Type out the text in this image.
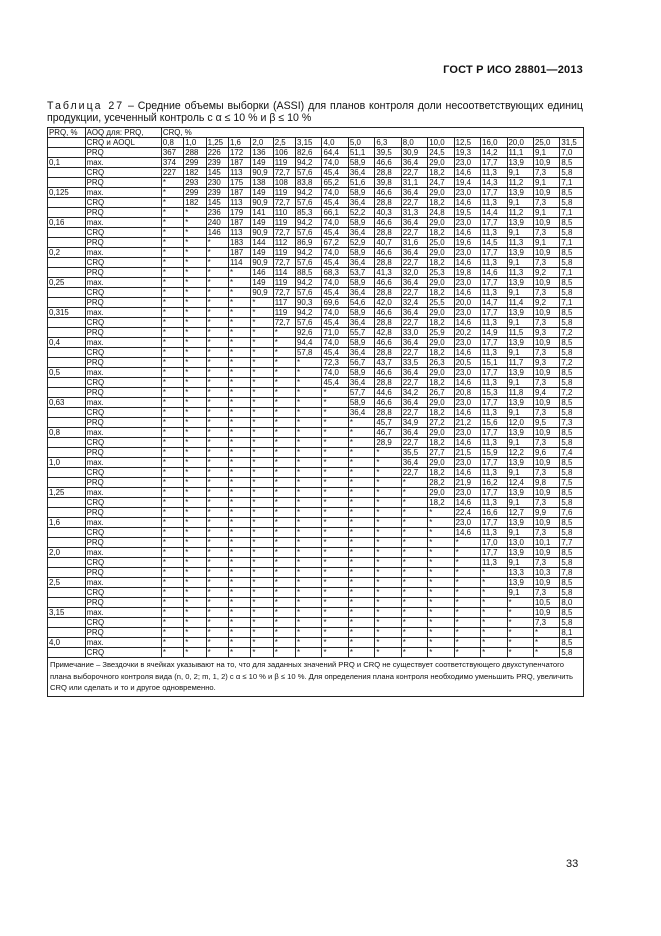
ГОСТ Р ИСО 28801—2013
Таблица 27 – Средние объемы выборки (ASSI) для планов контроля доли несоответствующих единиц продукции, усеченный контроль с α ≤ 10 % и β ≤ 10 %
PRQ, %	AOQ для: PRQ,	CRQ, %																
	CRQ и AOQL	0,8	1,0	1,25	1,6	2,0	2,5	3,15	4,0	5,0	6,3	8,0	10,0	12,5	16,0	20,0	25,0	31,5
	PRQ	367	288	226	172	136	106	82,6	64,4	51,1	39,5	30,9	24,5	19,3	14,2	11,1	9,1	7,0
0,1	max.	374	299	239	187	149	119	94,2	74,0	58,9	46,6	36,4	29,0	23,0	17,7	13,9	10,9	8,5
	CRQ	227	182	145	113	90,9	72,7	57,6	45,4	36,4	28,8	22,7	18,2	14,6	11,3	9,1	7,3	5,8
	PRQ	*	293	230	175	138	108	83,8	65,2	51,6	39,8	31,1	24,7	19,4	14,3	11,2	9,1	7,1
0,125	max.	*	299	239	187	149	119	94,2	74,0	58,9	46,6	36,4	29,0	23,0	17,7	13,9	10,9	8,5
	CRQ	*	182	145	113	90,9	72,7	57,6	45,4	36,4	28,8	22,7	18,2	14,6	11,3	9,1	7,3	5,8
	PRQ	*	*	236	179	141	110	85,3	66,1	52,2	40,3	31,3	24,8	19,5	14,4	11,2	9,1	7,1
0,16	max.	*	*	240	187	149	119	94,2	74,0	58,9	46,6	36,4	29,0	23,0	17,7	13,9	10,9	8,5
	CRQ	*	*	146	113	90,9	72,7	57,6	45,4	36,4	28,8	22,7	18,2	14,6	11,3	9,1	7,3	5,8
	PRQ	*	*	*	183	144	112	86,9	67,2	52,9	40,7	31,6	25,0	19,6	14,5	11,3	9,1	7,1
0,2	max.	*	*	*	187	149	119	94,2	74,0	58,9	46,6	36,4	29,0	23,0	17,7	13,9	10,9	8,5
	CRQ	*	*	*	114	90,9	72,7	57,6	45,4	36,4	28,8	22,7	18,2	14,6	11,3	9,1	7,3	5,8
	PRQ	*	*	*	*	146	114	88,5	68,3	53,7	41,3	32,0	25,3	19,8	14,6	11,3	9,2	7,1
0,25	max.	*	*	*	*	149	119	94,2	74,0	58,9	46,6	36,4	29,0	23,0	17,7	13,9	10,9	8,5
	CRQ	*	*	*	*	90,9	72,7	57,6	45,4	36,4	28,8	22,7	18,2	14,6	11,3	9,1	7,3	5,8
	PRQ	*	*	*	*	*	117	90,3	69,6	54,6	42,0	32,4	25,5	20,0	14,7	11,4	9,2	7,1
0,315	max.	*	*	*	*	*	119	94,2	74,0	58,9	46,6	36,4	29,0	23,0	17,7	13,9	10,9	8,5
	CRQ	*	*	*	*	*	72,7	57,6	45,4	36,4	28,8	22,7	18,2	14,6	11,3	9,1	7,3	5,8
	PRQ	*	*	*	*	*	*	92,6	71,0	55,7	42,8	33,0	25,9	20,2	14,9	11,5	9,3	7,2
0,4	max.	*	*	*	*	*	*	94,4	74,0	58,9	46,6	36,4	29,0	23,0	17,7	13,9	10,9	8,5
	CRQ	*	*	*	*	*	*	57,8	45,4	36,4	28,8	22,7	18,2	14,6	11,3	9,1	7,3	5,8
	PRQ	*	*	*	*	*	*	*	72,3	56,7	43,7	33,5	26,3	20,5	15,1	11,7	9,3	7,2
0,5	max.	*	*	*	*	*	*	*	74,0	58,9	46,6	36,4	29,0	23,0	17,7	13,9	10,9	8,5
	CRQ	*	*	*	*	*	*	*	45,4	36,4	28,8	22,7	18,2	14,6	11,3	9,1	7,3	5,8
	PRQ	*	*	*	*	*	*	*	*	57,7	44,6	34,2	26,7	20,8	15,3	11,8	9,4	7,2
0,63	max.	*	*	*	*	*	*	*	*	58,9	46,6	36,4	29,0	23,0	17,7	13,9	10,9	8,5
	CRQ	*	*	*	*	*	*	*	*	36,4	28,8	22,7	18,2	14,6	11,3	9,1	7,3	5,8
	PRQ	*	*	*	*	*	*	*	*	*	45,7	34,9	27,2	21,2	15,6	12,0	9,5	7,3
0,8	max.	*	*	*	*	*	*	*	*	*	46,7	36,4	29,0	23,0	17,7	13,9	10,9	8,5
	CRQ	*	*	*	*	*	*	*	*	*	28,9	22,7	18,2	14,6	11,3	9,1	7,3	5,8
	PRQ	*	*	*	*	*	*	*	*	*	*	35,5	27,7	21,5	15,9	12,2	9,6	7,4
1,0	max.	*	*	*	*	*	*	*	*	*	*	36,4	29,0	23,0	17,7	13,9	10,9	8,5
	CRQ	*	*	*	*	*	*	*	*	*	*	22,7	18,2	14,6	11,3	9,1	7,3	5,8
	PRQ	*	*	*	*	*	*	*	*	*	*	*	28,2	21,9	16,2	12,4	9,8	7,5
1,25	max.	*	*	*	*	*	*	*	*	*	*	*	29,0	23,0	17,7	13,9	10,9	8,5
	CRQ	*	*	*	*	*	*	*	*	*	*	*	18,2	14,6	11,3	9,1	7,3	5,8
	PRQ	*	*	*	*	*	*	*	*	*	*	*	*	22,4	16,6	12,7	9,9	7,6
1,6	max.	*	*	*	*	*	*	*	*	*	*	*	*	23,0	17,7	13,9	10,9	8,5
	CRQ	*	*	*	*	*	*	*	*	*	*	*	*	14,6	11,3	9,1	7,3	5,8
	PRQ	*	*	*	*	*	*	*	*	*	*	*	*	*	17,0	13,0	10,1	7,7
2,0	max.	*	*	*	*	*	*	*	*	*	*	*	*	*	17,7	13,9	10,9	8,5
	CRQ	*	*	*	*	*	*	*	*	*	*	*	*	*	11,3	9,1	7,3	5,8
	PRQ	*	*	*	*	*	*	*	*	*	*	*	*	*	*	13,3	10,3	7,8
2,5	max.	*	*	*	*	*	*	*	*	*	*	*	*	*	*	13,9	10,9	8,5
	CRQ	*	*	*	*	*	*	*	*	*	*	*	*	*	*	9,1	7,3	5,8
	PRQ	*	*	*	*	*	*	*	*	*	*	*	*	*	*	*	10,5	8,0
3,15	max.	*	*	*	*	*	*	*	*	*	*	*	*	*	*	*	10,9	8,5
	CRQ	*	*	*	*	*	*	*	*	*	*	*	*	*	*	*	7,3	5,8
	PRQ	*	*	*	*	*	*	*	*	*	*	*	*	*	*	*	*	8,1
4,0	max.	*	*	*	*	*	*	*	*	*	*	*	*	*	*	*	*	8,5
	CRQ	*	*	*	*	*	*	*	*	*	*	*	*	*	*	*	*	5,8
Примечание – Звездочки в ячейках указывают на то, что для заданных значений PRQ и CRQ не существует соответствующего двухступенчатого плана выборочного контроля вида (n, 0, 2; m, 1, 2) с α ≤ 10 % и β ≤ 10 %. Для определения плана контроля необходимо уменьшить PRQ, увеличить CRQ или сделать и то и другое одновременно.																		
33
